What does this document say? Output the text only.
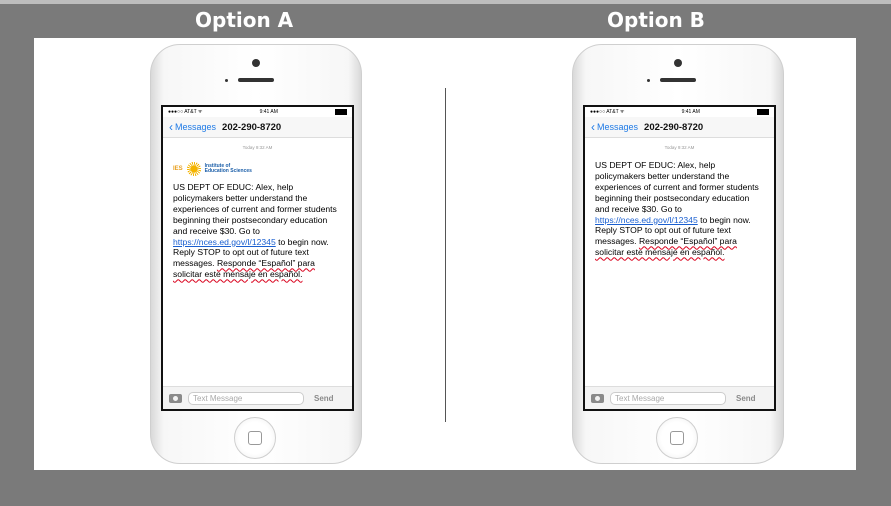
Option A	Option B
●●●○○ AT&T ᯤ	9:41 AM
‹ Messages 202-290-8720
Today 9:32 AM
IES
Institute of
Education Sciences
US DEPT OF EDUC: Alex, help policymakers better understand the experiences of current and former students beginning their postsecondary education and receive $30. Go to https://nces.ed.gov/l/12345 to begin now. Reply STOP to opt out of future text messages. Responde “Español” para solicitar este mensaje en español.
Text Message	Send
●●●○○ AT&T ᯤ	9:41 AM
‹ Messages 202-290-8720
Today 9:32 AM
US DEPT OF EDUC: Alex, help policymakers better understand the experiences of current and former students beginning their postsecondary education and receive $30. Go to https://nces.ed.gov/l/12345 to begin now. Reply STOP to opt out of future text messages. Responde “Español” para solicitar este mensaje en español.
Text Message	Send
